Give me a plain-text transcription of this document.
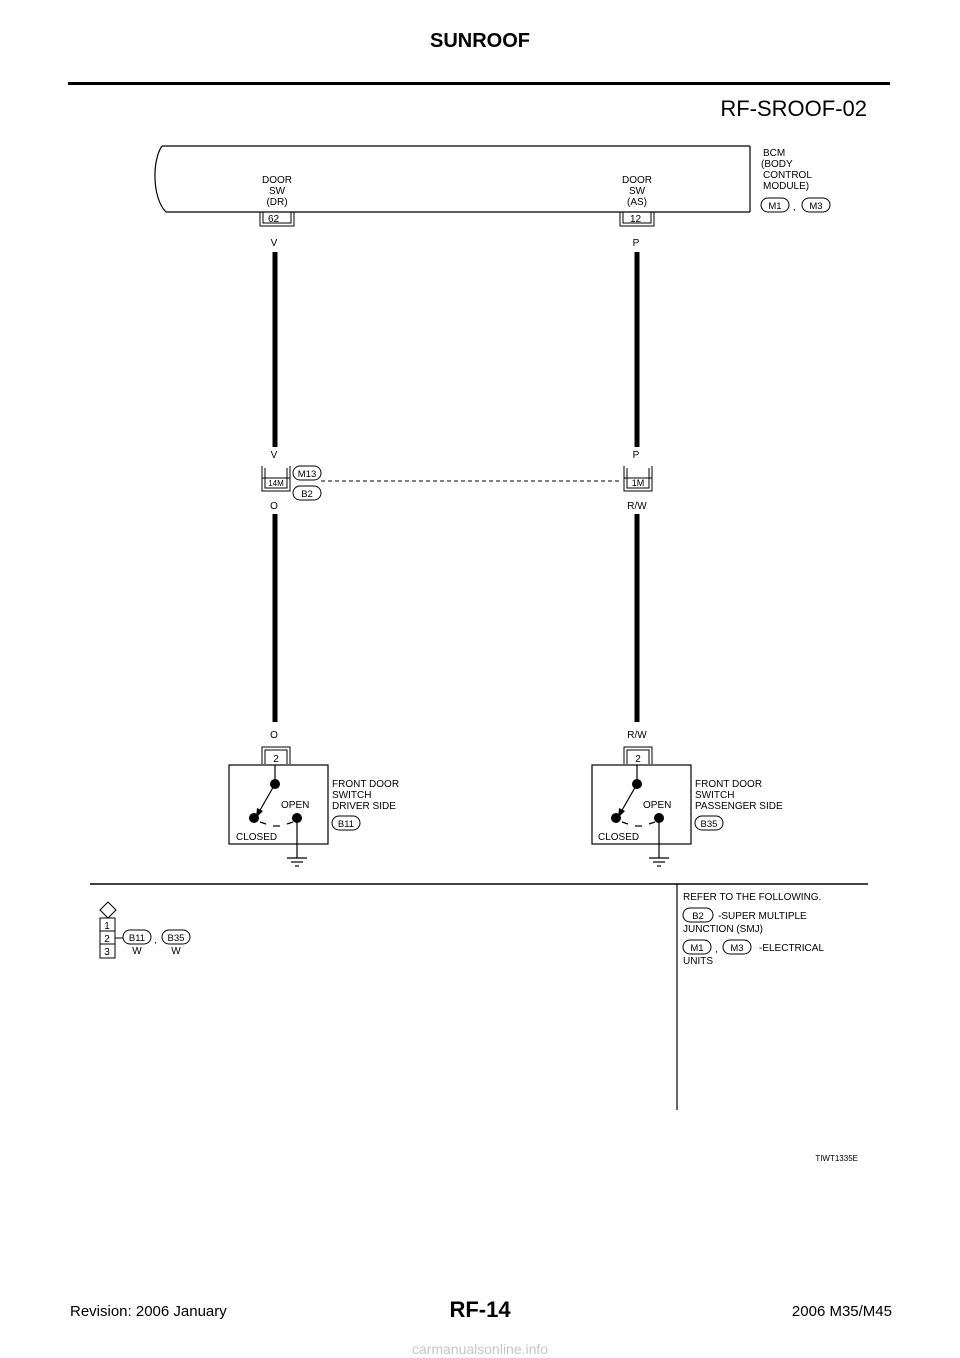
SUNROOF
RF-SROOF-02
DOOR
SW
(DR)
DOOR
SW
(AS)
BCM
(BODY
CONTROL
MODULE)
M1 , M3
62	12
V	P
V	P
14M
M13
B2
1M
O	R/W
O	R/W
2
OPEN
CLOSED
FRONT DOOR
SWITCH
DRIVER SIDE
B11
2
OPEN
CLOSED
FRONT DOOR
SWITCH
PASSENGER SIDE
B35
1
2
3
B11 , B35
W	W
REFER TO THE FOLLOWING.
B2 -SUPER MULTIPLE
JUNCTION (SMJ)
M1 , M3 -ELECTRICAL
UNITS
TIWT1335E
Revision: 2006 January	RF-14	2006 M35/M45
carmanualsonline.info
